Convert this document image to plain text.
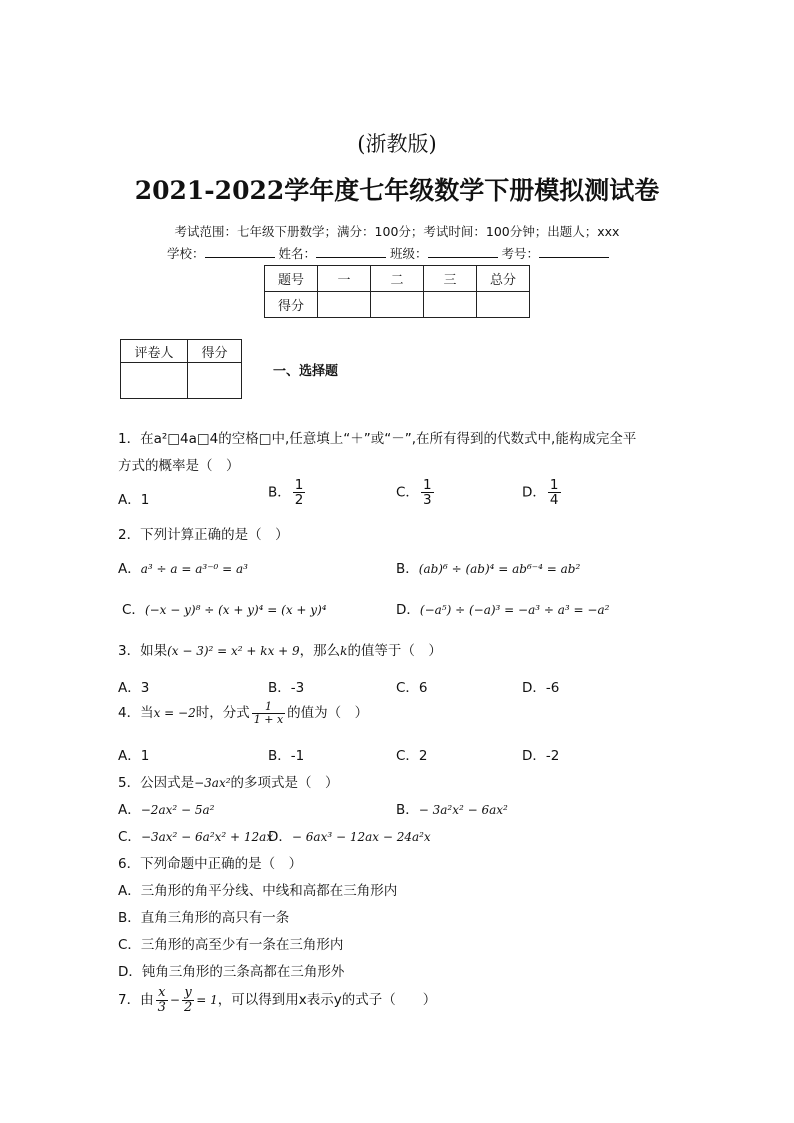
(浙教版)
2021-2022学年度七年级数学下册模拟测试卷
考试范围：七年级下册数学；满分：100分；考试时间：100分钟；出题人；xxx
学校：	姓名：	班级：	考号：
题号	一	二	三	总分
得分				
评卷人	得分

一、选择题
1．在a²□4a□4的空格□中,任意填上“＋”或“－”,在所有得到的代数式中,能构成完全平
方式的概率是（　）
A．1	B． $\frac{1}{2}$	C． $\frac{1}{3}$	D． $\frac{1}{4}$
2．下列计算正确的是（　）
A．a³ ÷ a = a³⁻⁰ = a³	B．(ab)⁶ ÷ (ab)⁴ = ab⁶⁻⁴ = ab²
C．(−x − y)⁸ ÷ (x + y)⁴ = (x + y)⁴	D．(−a⁵) ÷ (−a)³ = −a³ ÷ a³ = −a²
3．如果(x − 3)² = x² + kx + 9，那么k的值等于（　）
A．3	B．-3	C．6	D．-6
4．当x = −2时，分式 $\frac{1}{1 + x}$ 的值为（　）
A．1	B．-1	C．2	D．-2
5．公因式是−3ax²的多项式是（　）
A．−2ax² − 5a²	B．− 3a²x² − 6ax²
C．−3ax² − 6a²x² + 12ax
D．− 6ax³ − 12ax − 24a²x
6．下列命题中正确的是（　）
A．三角形的角平分线、中线和高都在三角形内
B．直角三角形的高只有一条
C．三角形的高至少有一条在三角形内
D．钝角三角形的三条高都在三角形外
7．由 $\frac{x}{3} - \frac{y}{2} = 1$，可以得到用x表示y的式子（　　）
